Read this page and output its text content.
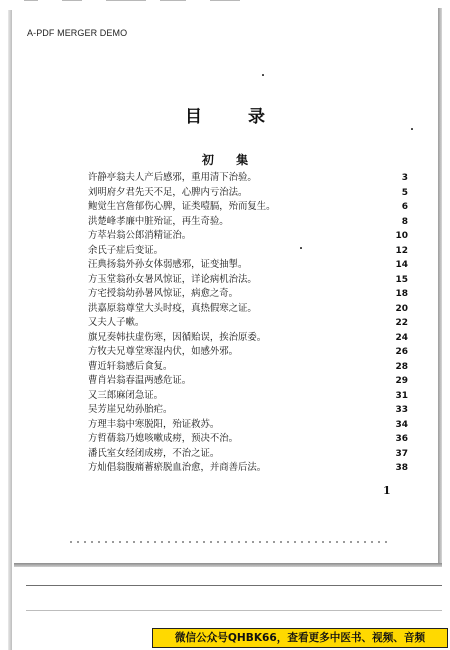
A-PDF MERGER DEMO
目 录
初 集
许静亭翁夫人产后感邪，重用清下治验。	3
刘明府夕君先天不足，心脾内亏治法。	5
鲍觉生宫詹郁伤心脾，证类噎膈，殆而复生。	6
洪楚峰孝廉中脏殆证，再生奇验。	8
方萃岩翁公郎消精证治。	10
余氏子症后变证。	12
汪典扬翁外孙女体弱感邪，证变抽掣。	14
方玉堂翁孙女暑风惊证，详论病机治法。	15
方宅授翁幼孙暑风惊证，病愈之奇。	18
洪嘉原翁尊堂大头时疫，真热假寒之证。	20
又夫人子嗽。	22
旗兄奏韩扶虚伤寒，因循贻误，挨治原委。	24
方牧夫兄尊堂寒湿内伏，如感外邪。	26
曹近轩翁感后食复。	28
曹肖岩翁春温两感危证。	29
又三郎麻闭急证。	31
吴芳崖兄幼孙胎疟。	33
方理丰翁中寒脱阳，殆证救苏。	34
方哲蒨翁乃媳咳嗽成痨，预决不治。	36
潘氏室女经闭成痨，不治之证。	37
方灿倡翁腹痛蓄瘀脱血治愈，并商善后法。	38
1
微信公众号QHBK66，查看更多中医书、视频、音频
